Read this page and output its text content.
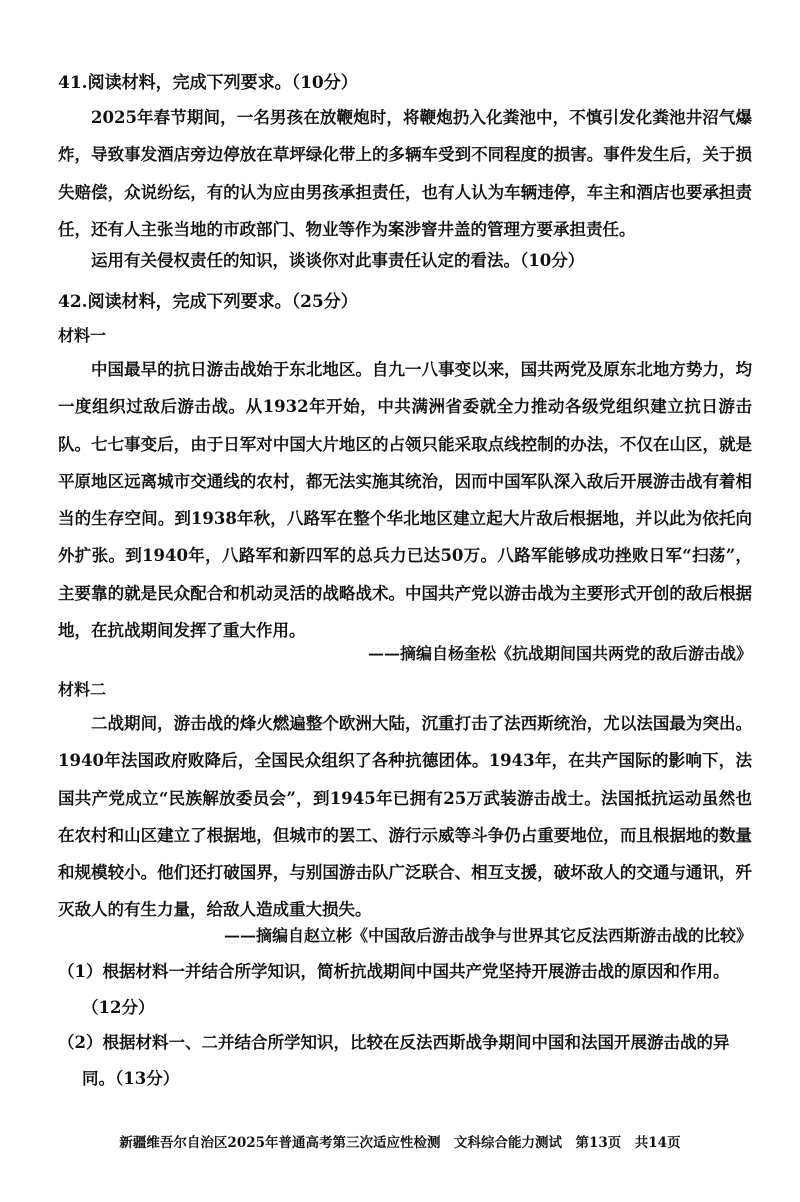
41.阅读材料，完成下列要求。（10分）

2025年春节期间，一名男孩在放鞭炮时，将鞭炮扔入化粪池中，不慎引发化粪池井沼气爆炸，导致事发酒店旁边停放在草坪绿化带上的多辆车受到不同程度的损害。事件发生后，关于损失赔偿，众说纷纭，有的认为应由男孩承担责任，也有人认为车辆违停，车主和酒店也要承担责任，还有人主张当地的市政部门、物业等作为案涉窨井盖的管理方要承担责任。

运用有关侵权责任的知识，谈谈你对此事责任认定的看法。（10分）

42.阅读材料，完成下列要求。（25分）
材料一

中国最早的抗日游击战始于东北地区。自九一八事变以来，国共两党及原东北地方势力，均一度组织过敌后游击战。从1932年开始，中共满洲省委就全力推动各级党组织建立抗日游击队。七七事变后，由于日军对中国大片地区的占领只能采取点线控制的办法，不仅在山区，就是平原地区远离城市交通线的农村，都无法实施其统治，因而中国军队深入敌后开展游击战有着相当的生存空间。到1938年秋，八路军在整个华北地区建立起大片敌后根据地，并以此为依托向外扩张。到1940年，八路军和新四军的总兵力已达50万。八路军能够成功挫败日军“扫荡”，主要靠的就是民众配合和机动灵活的战略战术。中国共产党以游击战为主要形式开创的敌后根据地，在抗战期间发挥了重大作用。

——摘编自杨奎松《抗战期间国共两党的敌后游击战》
材料二

二战期间，游击战的烽火燃遍整个欧洲大陆，沉重打击了法西斯统治，尤以法国最为突出。1940年法国政府败降后，全国民众组织了各种抗德团体。1943年，在共产国际的影响下，法国共产党成立“民族解放委员会”，到1945年已拥有25万武装游击战士。法国抵抗运动虽然也在农村和山区建立了根据地，但城市的罢工、游行示威等斗争仍占重要地位，而且根据地的数量和规模较小。他们还打破国界，与别国游击队广泛联合、相互支援，破坏敌人的交通与通讯，歼灭敌人的有生力量，给敌人造成重大损失。

——摘编自赵立彬《中国敌后游击战争与世界其它反法西斯游击战的比较》

（1）根据材料一并结合所学知识，简析抗战期间中国共产党坚持开展游击战的原因和作用。
（12分）

（2）根据材料一、二并结合所学知识，比较在反法西斯战争期间中国和法国开展游击战的异
同。（13分）

新疆维吾尔自治区2025年普通高考第三次适应性检测　文科综合能力测试　第13页　共14页
